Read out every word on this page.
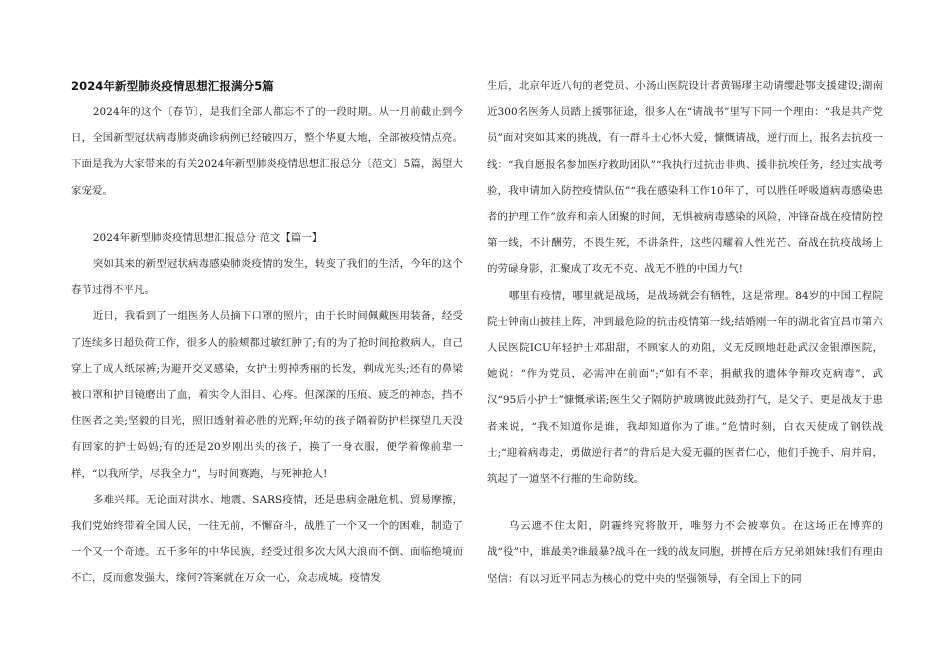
2024年新型肺炎疫情思想汇报满分5篇

2024年的这个〔春节〕，是我们全部人都忘不了的一段时期。从一月前截止到今日，全国新型冠状病毒肺炎确诊病例已经破四万，整个华夏大地，全部被疫情点亮。下面是我为大家带来的有关2024年新型肺炎疫情思想汇报总分〔范文〕5篇，渴望大家宠爱。

2024年新型肺炎疫情思想汇报总分 范文【篇一】

突如其来的新型冠状病毒感染肺炎疫情的发生，转变了我们的生活，今年的这个春节过得不平凡。

近日，我看到了一组医务人员摘下口罩的照片，由于长时间佩戴医用装备，经受了连续多日超负荷工作，很多人的脸颊都过敏红肿了;有的为了抢时间抢救病人，自己穿上了成人纸尿裤;为避开交叉感染，女护士剪掉秀丽的长发，剃成光头;还有的鼻梁被口罩和护目镜磨出了血，着实令人泪目、心疼。但深深的压痕、疲乏的神态，挡不住医者之美;坚毅的目光，照旧透射着必胜的光辉;年幼的孩子隔着防护栏探望几天没有回家的护士妈妈;有的还是20岁刚出头的孩子，换了一身衣服，便学着像前辈一样，“以我所学，尽我全力”，与时间赛跑，与死神抢人!

多难兴邦。无论面对洪水、地震、SARS疫情，还是患病金融危机、贸易摩擦，我们党始终带着全国人民，一往无前，不懈奋斗，战胜了一个又一个的困难，制造了一个又一个奇迹。五千多年的中华民族，经受过很多次大风大浪而不倒、面临绝境而不亡，反而愈发强大，缘何?答案就在万众一心，众志成城。疫情发

生后，北京年近八旬的老党员、小汤山医院设计者黄锡璆主动请缨赴鄂支援建设;湖南近300名医务人员踏上援鄂征途，很多人在“请战书”里写下同一个理由：“我是共产党员”面对突如其来的挑战，有一群斗士心怀大爱，慷慨请战，逆行而上，报名去抗疫一线：“我自愿报名参加医疗救助团队”“我执行过抗击非典、援非抗埃任务，经过实战考验，我申请加入防控疫情队伍”“我在感染科工作10年了，可以胜任呼吸道病毒感染患者的护理工作”放弃和亲人团聚的时间，无惧被病毒感染的风险，冲锋奋战在疫情防控第一线，不计酬劳，不畏生死，不讲条件，这些闪耀着人性光芒、奋战在抗疫战场上的劳碌身影，汇聚成了攻无不克、战无不胜的中国力气!

哪里有疫情，哪里就是战场，是战场就会有牺牲，这是常理。84岁的中国工程院院士钟南山披挂上阵，冲到最危险的抗击疫情第一线;结婚刚一年的湖北省宜昌市第六人民医院ICU年轻护士邓甜甜，不顾家人的劝阻，义无反顾地赶赴武汉金银潭医院，她说：“作为党员，必需冲在前面”;“如有不幸，捐献我的遗体争辩攻克病毒”，武汉“95后小护士”慷慨承诺;医生父子隔防护玻璃彼此鼓劲打气，是父子、更是战友于患者来说，“我不知道你是谁，我却知道你为了谁。”危情时刻，白衣天使成了钢铁战士;“迎着病毒走，勇做逆行者”的背后是大爱无疆的医者仁心，他们手挽手、肩并肩，筑起了一道坚不行摧的生命防线。

乌云遮不住太阳，阴霾终究将散开，唯努力不会被辜负。在这场正在博弈的战“役”中，谁最美?谁最暴?战斗在一线的战友同胞，拼搏在后方兄弟姐妹!我们有理由坚信：有以习近平同志为核心的党中央的坚强领导，有全国上下的同
